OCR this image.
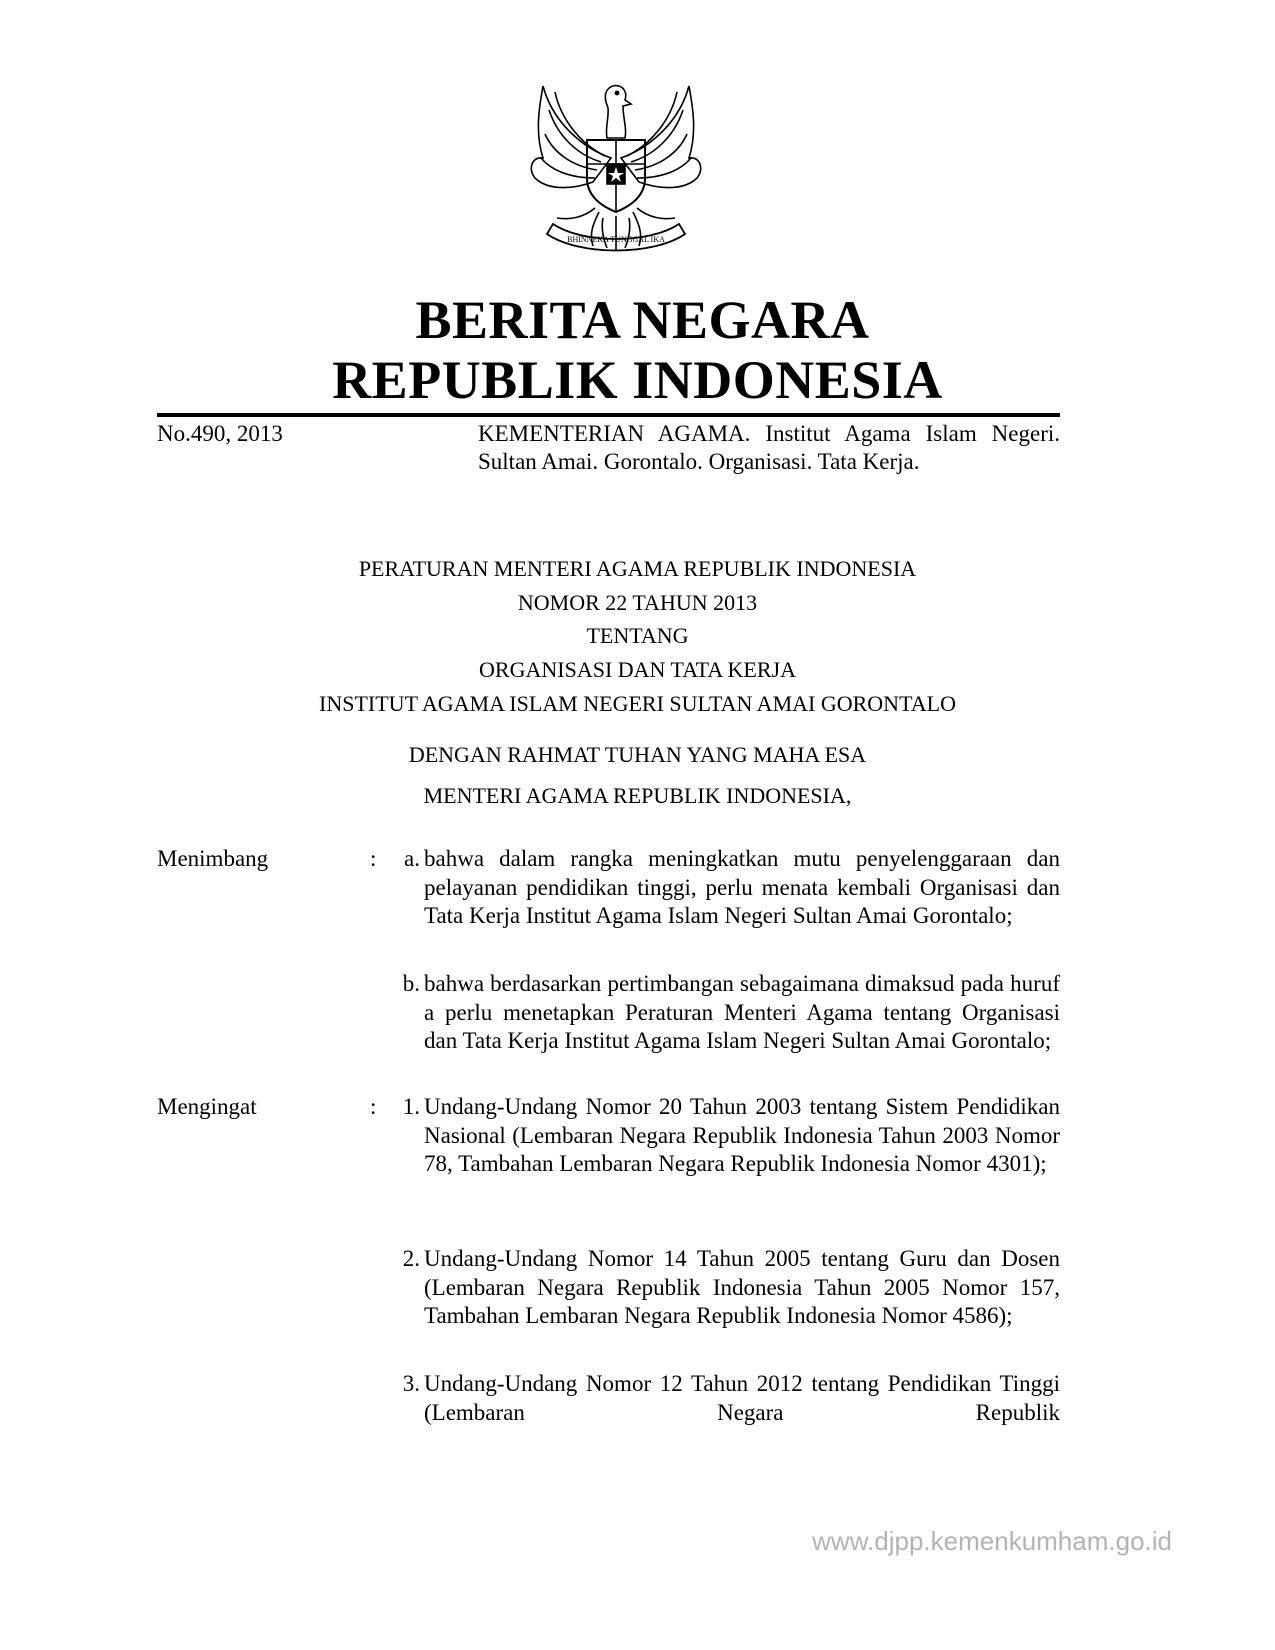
BHINNEKA TUNGGAL IKA
BERITA NEGARA
REPUBLIK INDONESIA
No.490, 2013	KEMENTERIAN AGAMA. Institut Agama Islam Negeri. Sultan Amai. Gorontalo. Organisasi. Tata Kerja.
PERATURAN MENTERI AGAMA REPUBLIK INDONESIA
NOMOR 22 TAHUN 2013
TENTANG
ORGANISASI DAN TATA KERJA
INSTITUT AGAMA ISLAM NEGERI SULTAN AMAI GORONTALO
DENGAN RAHMAT TUHAN YANG MAHA ESA
MENTERI AGAMA REPUBLIK INDONESIA,
Menimbang	:	a. bahwa dalam rangka meningkatkan mutu penyelenggaraan dan pelayanan pendidikan tinggi, perlu menata kembali Organisasi dan Tata Kerja Institut Agama Islam Negeri Sultan Amai Gorontalo;
b. bahwa berdasarkan pertimbangan sebagaimana dimaksud pada huruf a perlu menetapkan Peraturan Menteri Agama tentang Organisasi dan Tata Kerja Institut Agama Islam Negeri Sultan Amai Gorontalo;
Mengingat	:	1. Undang-Undang Nomor 20 Tahun 2003 tentang Sistem Pendidikan Nasional (Lembaran Negara Republik Indonesia Tahun 2003 Nomor 78, Tambahan Lembaran Negara Republik Indonesia Nomor 4301);
2. Undang-Undang Nomor 14 Tahun 2005 tentang Guru dan Dosen (Lembaran Negara Republik Indonesia Tahun 2005 Nomor 157, Tambahan Lembaran Negara Republik Indonesia Nomor 4586);
3. Undang-Undang Nomor 12 Tahun 2012 tentang Pendidikan Tinggi (Lembaran Negara Republik
www.djpp.kemenkumham.go.id
